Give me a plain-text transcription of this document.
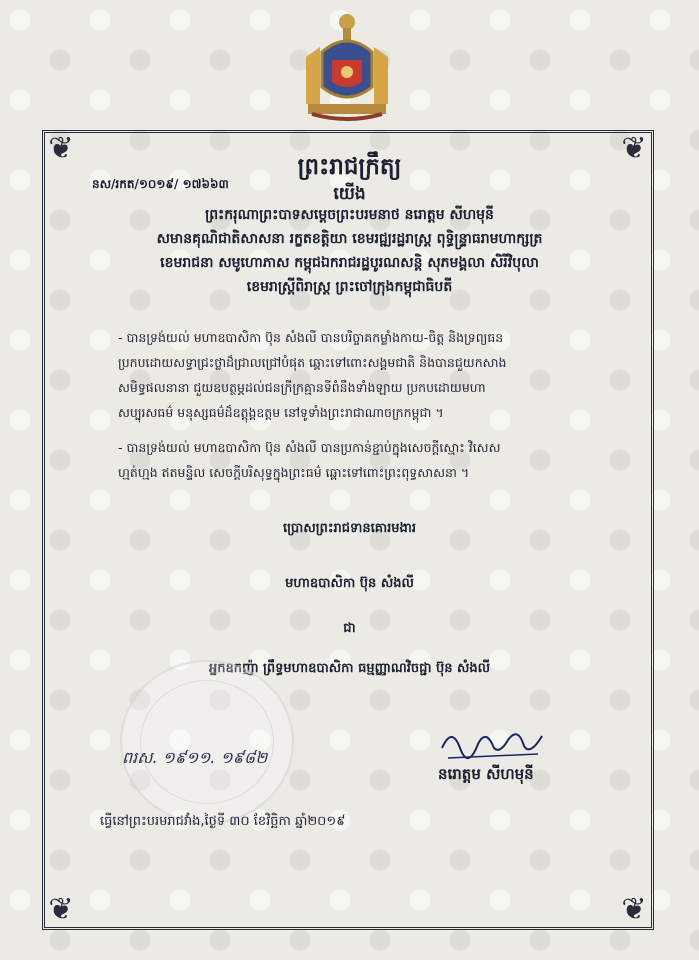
❦	❦
❦	❦
ព្រះរាជក្រឹត្យ
នស/រកត/១០១៩/ ១៧៦៦៣	យើង
ព្រះករុណាព្រះបាទសម្ដេចព្រះបរមនាថ នរោត្តម សីហមុនី
សមានគុណិជាតិសាសនា រក្ខតខត្តិយា ខេមរជ្ឍរដ្ឋរាស្ត្រ ពុទ្ធិន្ទ្រាធរាមហាក្សត្រ
ខេមរាជនា សមូហោភាស កម្ពុជឯករាជរដ្ឋបូរណសន្តិ សុភមង្គលា សិរីវិបុលា
ខេមរាស្ត្រីពិរាស្ត្រ ព្រះចៅក្រុងកម្ពុជាធិបតី
- បានទ្រង់យល់ មហាឧបាសិកា ប៊ុន សំងលី បានបរិច្ចាគកម្លាំងកាយ-ចិត្ត និងទ្រព្យធន
ប្រកបដោយសទ្ធាជ្រះថ្លាដ៏ជ្រាលជ្រៅបំផុត ឆ្ពោះទៅពោះសង្គមជាតិ និងបានជួយកសាង
សមិទ្ធផលនានា ជួយឧបត្ថម្ភដល់ជនក្រីក្រគ្មានទីពំនឹងទាំងឡាយ ប្រកបដោយមហា
សប្បុរសធម៌ មនុស្សធម៌ដ៏ឧត្តុង្គឧត្តម នៅទូទាំងព្រះរាជាណាចក្រកម្ពុជា ។
- បានទ្រង់យល់ មហាឧបាសិកា ប៊ុន សំងលី បានប្រកាន់ខ្ជាប់ក្នុងសេចក្តីស្មោះ វិសេស
ហ្មត់ហ្មង ឥតមន្ទិល សេចក្តីបរិសុទ្ធក្នុងព្រះធម៌ ឆ្ពោះទៅពោះព្រះពុទ្ធសាសនា ។
ប្រោសព្រះរាជទានគោរមងារ
មហាឧបាសិកា ប៊ុន សំងលី
ជា
អ្នកឧកញ៉ា ព្រឹទ្ធមហាឧបាសិកា ធម្មញ្ញាណវិចជ្ជា ប៊ុន សំងលី
ពរស. ១៩១១. ១៩៨២
នរោត្តម សីហមុនី
ធ្វើនៅព្រះបរមរាជវាំង,ថ្ងៃទី ៣០ ខែវិច្ឆិកា ឆ្នាំ២០១៩
